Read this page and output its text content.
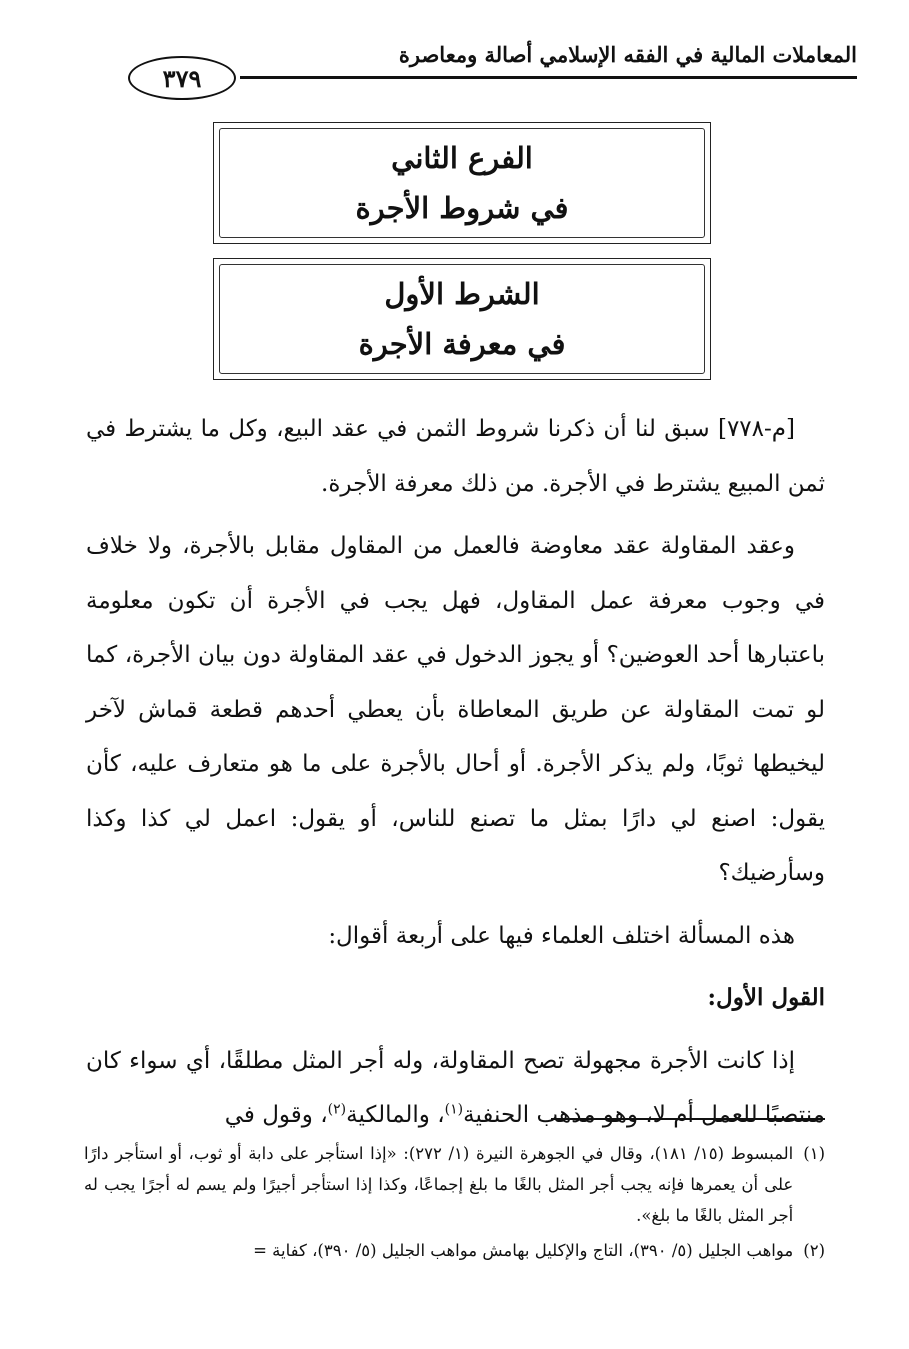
المعاملات المالية في الفقه الإسلامي أصالة ومعاصرة
٣٧٩
الفرع الثاني
في شروط الأجرة
الشرط الأول
في معرفة الأجرة

[م-٧٧٨] سبق لنا أن ذكرنا شروط الثمن في عقد البيع، وكل ما يشترط في ثمن المبيع يشترط في الأجرة. من ذلك معرفة الأجرة.

وعقد المقاولة عقد معاوضة فالعمل من المقاول مقابل بالأجرة، ولا خلاف في وجوب معرفة عمل المقاول، فهل يجب في الأجرة أن تكون معلومة باعتبارها أحد العوضين؟ أو يجوز الدخول في عقد المقاولة دون بيان الأجرة، كما لو تمت المقاولة عن طريق المعاطاة بأن يعطي أحدهم قطعة قماش لآخر ليخيطها ثوبًا، ولم يذكر الأجرة. أو أحال بالأجرة على ما هو متعارف عليه، كأن يقول: اصنع لي دارًا بمثل ما تصنع للناس، أو يقول: اعمل لي كذا وكذا وسأرضيك؟

هذه المسألة اختلف العلماء فيها على أربعة أقوال:

القول الأول:

إذا كانت الأجرة مجهولة تصح المقاولة، وله أجر المثل مطلقًا، أي سواء كان منتصبًا للعمل أم لا، وهو مذهب الحنفية$^{(١)}$، والمالكية$^{(٢)}$، وقول في

(١)
المبسوط (١٥/ ١٨١)، وقال في الجوهرة النيرة (١/ ٢٧٢): «إذا استأجر على دابة أو ثوب، أو استأجر دارًا على أن يعمرها فإنه يجب أجر المثل بالغًا ما بلغ إجماعًا، وكذا إذا استأجر أجيرًا ولم يسم له أجرًا يجب له أجر المثل بالغًا ما بلغ».
(٢)
مواهب الجليل (٥/ ٣٩٠)، التاج والإكليل بهامش مواهب الجليل (٥/ ٣٩٠)، كفاية =
